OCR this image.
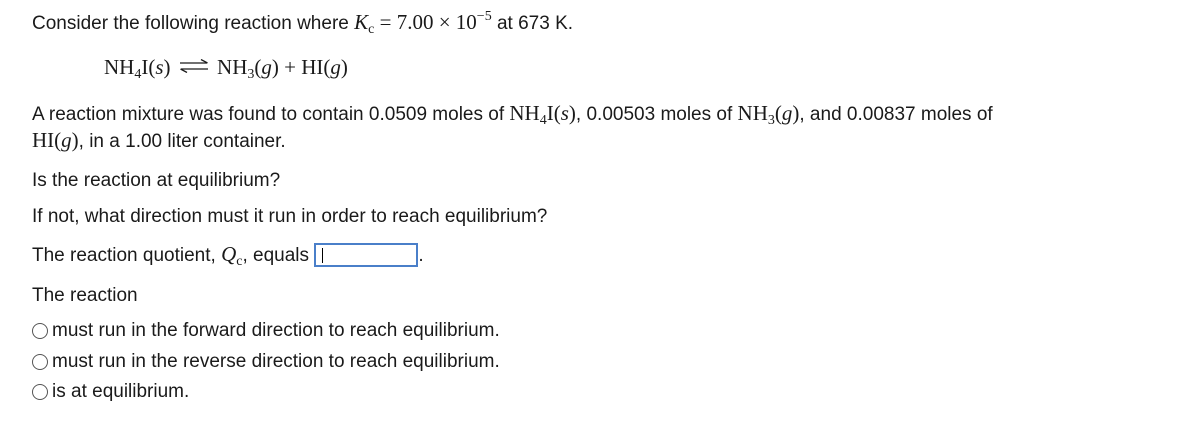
Consider the following reaction where $K_c = 7.00 \times 10^{-5}$ at 673 K.
$NH_4I(s)$ ⇌ $NH_3(g) + HI(g)$
A reaction mixture was found to contain 0.0509 moles of $NH_4I(s)$, 0.00503 moles of $NH_3(g)$, and 0.00837 moles of
HI(g), in a 1.00 liter container.
Is the reaction at equilibrium?
If not, what direction must it run in order to reach equilibrium?
The reaction quotient, $Q_c$, equals	.
The reaction
must run in the forward direction to reach equilibrium.
must run in the reverse direction to reach equilibrium.
is at equilibrium.
